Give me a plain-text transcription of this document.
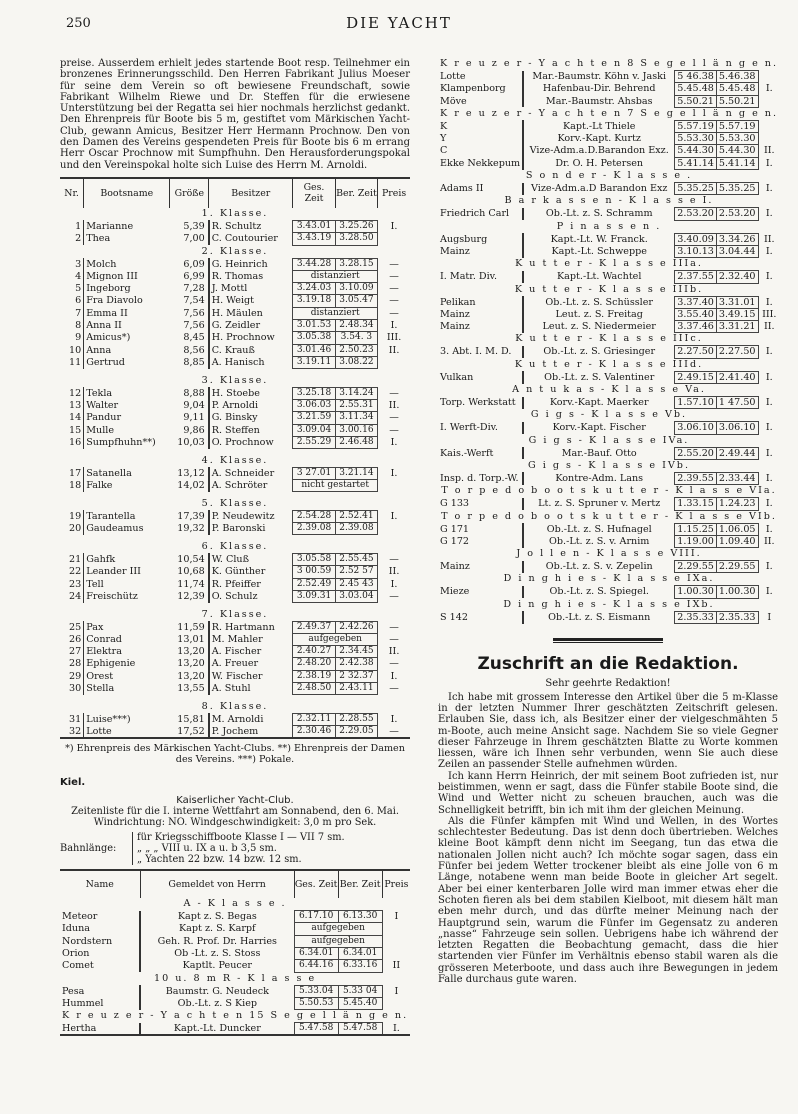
250	DIE YACHT

preise. Ausserdem erhielt jedes startende Boot resp. Teilnehmer ein bronzenes Erinnerungsschild. Den Herren Fabrikant Julius Moeser für seine dem Verein so oft bewiesene Freundschaft, sowie Fabrikant Wilhelm Riewe und Dr. Steffen für die erwiesene Unterstützung bei der Regatta sei hier nochmals herzlichst gedankt. Den Ehrenpreis für Boote bis 5 m, gestiftet vom Märkischen Yacht-Club, gewann Amicus, Besitzer Herr Hermann Prochnow. Den von den Damen des Vereins gespendeten Preis für Boote bis 6 m errang Herr Oscar Prochnow mit Sumpfhuhn. Den Herausforderungspokal und den Vereinspokal holte sich Luise des Herrn M. Arnoldi.

Nr.	Bootsname	Größe	Besitzer	Ges. Zeit	Ber. Zeit	Preis
1. Klasse.						
1	Marianne	5,39	R. Schultz	3.43.01	3.25.26	I.
2	Thea	7,00	C. Coutourier	3.43.19	3.28.50	
2. Klasse.						
3	Molch	6,09	G. Heinrich	3.44.28	3.28.15	—
4	Mignon III	6,99	R. Thomas	distanziert		—
5	Ingeborg	7,28	J. Mottl	3.24.03	3.10.09	—
6	Fra Diavolo	7,54	H. Weigt	3.19.18	3.05.47	—
7	Emma II	7,56	H. Mäulen	distanziert		—
8	Anna II	7,56	G. Zeidler	3.01.53	2.48.34	I.
9	Amicus*)	8,45	H. Prochnow	3.05.38	3.54. 3	III.
10	Anna	8,56	C. Krauß	3.01.46	2.50.23	II.
11	Gertrud	8,85	A. Hanisch	3.19.11	3.08.22	

3. Klasse.						
12	Tekla	8,88	H. Stoebe	3.25.18	3.14.24	—
13	Walter	9,04	P. Arnoldi	3.06.03	2.55.31	II.
14	Pandur	9,11	G. Binsky	3.21.59	3.11.34	—
15	Mulle	9,86	R. Steffen	3.09.04	3.00.16	—
16	Sumpfhuhn**)	10,03	O. Prochnow	2.55.29	2.46.48	I.

4. Klasse.						
17	Satanella	13,12	A. Schneider	3 27.01	3.21.14	I.
18	Falke	14,02	A. Schröter	nicht gestartet		

5. Klasse.						
19	Tarantella	17,39	P. Neudewitz	2.54.28	2.52.41	I.
20	Gaudeamus	19,32	P. Baronski	2.39.08	2.39.08	

6. Klasse.						
21	Gahfk	10,54	W. Cluß	3.05.58	2.55.45	—
22	Leander III	10,68	K. Günther	3 00.59	2.52 57	II.
23	Tell	11,74	R. Pfeiffer	2.52.49	2.45 43	I.
24	Freischütz	12,39	O. Schulz	3.09.31	3.03.04	—

7. Klasse.						
25	Pax	11,59	R. Hartmann	2.49.37	2.42.26	—
26	Conrad	13,01	M. Mahler	aufgegeben		—
27	Elektra	13,20	A. Fischer	2.40.27	2.34.45	II.
28	Ephigenie	13,20	A. Freuer	2.48.20	2.42.38	—
29	Orest	13,20	W. Fischer	2.38.19	2 32.37	I.
30	Stella	13,55	A. Stuhl	2.48.50	2.43.11	—

8. Klasse.						
31	Luise***)	15,81	M. Arnoldi	2.32.11	2.28.55	I.
32	Lotte	17,52	P. Jochem	2.30.46	2.29.05	—
*) Ehrenpreis des Märkischen Yacht-Clubs. **) Ehrenpreis der Damen des Vereins. ***) Pokale.
Kiel.
Kaiserlicher Yacht-Club.
Zeitenliste für die I. interne Wettfahrt am Sonnabend, den 6. Mai.
Windrichtung: NO. Windgeschwindigkeit: 3,0 m pro Sek.
Bahnlänge:
für Kriegsschiffboote Klasse I — VII 7 sm.
„ „ „ VIII u. IX a u. b 3,5 sm.
„ Yachten 22 bzw. 14 bzw. 12 sm.
Name	Gemeldet von Herrn	Ges. Zeit	Ber. Zeit	Preis
A - K l a s s e .				
Meteor	Kapt z. S. Begas	6.17.10	6.13.30	I
Iduna	Kapt z. S. Karpf	aufgegeben		
Nordstern	Geh. R. Prof. Dr. Harries	aufgegeben		
Orion	Ob -Lt. z. S. Stoss	6.34.01	6.34.01	
Comet	Kaptlt. Peucer	6.44.16	6.33.16	II
10 u. 8 m R - K l a s s e				
Pesa	Baumstr. G. Neudeck	5.33.04	5.33 04	I
Hummel	Ob.-Lt. z. S Kiep	5.50.53	5.45.40	
K r e u z e r - Y a c h t e n 15 S e g e l l ä n g e n.				
Hertha	Kapt.-Lt. Duncker	5.47.58	5.47.58	I.
K r e u z e r - Y a c h t e n 8 S e g e l l ä n g e n.				
Lotte	Mar.-Baumstr. Köhn v. Jaski	5 46.38	5.46.38	
Klampenborg	Hafenbau-Dir. Behrend	5.45.48	5.45.48	I.
Möve	Mar.-Baumstr. Ahsbas	5.50.21	5.50.21	
K r e u z e r - Y a c h t e n 7 S e g e l l ä n g e n.				
K	Kapt.-Lt Thiele	5.57.19	5.57.19	
Y	Korv.-Kapt. Kurtz	5.53.30	5.53.30	
C	Vize-Adm.a.D.Barandon Exz.	5.44.30	5.44.30	II.
Ekke Nekkepum	Dr. O. H. Petersen	5.41.14	5.41.14	I.
S o n d e r - K l a s s e .				
Adams II	Vize-Adm.a.D Barandon Exz	5.35.25	5.35.25	I.
B a r k a s s e n - K l a s s e I.				
Friedrich Carl	Ob.-Lt. z. S. Schramm	2.53.20	2.53.20	I.
P i n a s s e n .				
Augsburg	Kapt.-Lt. W. Franck.	3.40.09	3.34.26	II.
Mainz	Kapt.-Lt. Schweppe	3.10.13	3.04.44	I.
K u t t e r - K l a s s e IIIa.				
I. Matr. Div.	Kapt.-Lt. Wachtel	2.37.55	2.32.40	I.
K u t t e r - K l a s s e IIIb.				
Pelikan	Ob.-Lt. z. S. Schüssler	3.37.40	3.31.01	I.
Mainz	Leut. z. S. Freitag	3.55.40	3.49.15	III.
Mainz	Leut. z. S. Niedermeier	3.37.46	3.31.21	II.
K u t t e r - K l a s s e IIIc.				
3. Abt. I. M. D.	Ob.-Lt. z. S. Griesinger	2.27.50	2.27.50	I.
K u t t e r - K l a s s e IIId.				
Vulkan	Ob.-Lt. z. S. Valentiner	2.49.15	2.41.40	I.
A n t u k a s - K l a s s e Va.				
Torp. Werkstatt	Korv.-Kapt. Maerker	1.57.10	1 47.50	I.
G i g s - K l a s s e Vb.				
I. Werft-Div.	Korv.-Kapt. Fischer	3.06.10	3.06.10	I.
G i g s - K l a s s e IVa.				
Kais.-Werft	Mar.-Bauf. Otto	2.55.20	2.49.44	I.
G i g s - K l a s s e IVb.				
Insp. d. Torp.-W.	Kontre-Adm. Lans	2.39.55	2.33.44	I.
T o r p e d o b o o t s k u t t e r - K l a s s e VIa.				
G 133	Lt. z. S. Spruner v. Mertz	1.33.15	1.24.23	I.
T o r p e d o b o o t s k u t t e r - K l a s s e VIb.				
G 171	Ob.-Lt. z. S. Hufnagel	1.15.25	1.06.05	I.
G 172	Ob.-Lt. z. S. v. Arnim	1.19.00	1.09.40	II.
J o l l e n - K l a s s e VIII.				
Mainz	Ob.-Lt. z. S. v. Zepelin	2.29.55	2.29.55	I.
D i n g h i e s - K l a s s e IXa.				
Mieze	Ob.-Lt. z. S. Spiegel.	1.00.30	1.00.30	I.
D i n g h i e s - K l a s s e IXb.				
S 142	Ob.-Lt. z. S. Eismann	2.35.33	2.35.33	I
Zuschrift an die Redaktion.
Sehr geehrte Redaktion!

Ich habe mit grossem Interesse den Artikel über die 5 m-Klasse in der letzten Nummer Ihrer geschätzten Zeitschrift gelesen. Erlauben Sie, dass ich, als Besitzer einer der vielgeschmähten 5 m-Boote, auch meine Ansicht sage. Nachdem Sie so viele Gegner dieser Fahrzeuge in Ihrem geschätzten Blatte zu Worte kommen liessen, wäre ich Ihnen sehr verbunden, wenn Sie auch diese Zeilen an passender Stelle aufnehmen würden.

Ich kann Herrn Heinrich, der mit seinem Boot zufrieden ist, nur beistimmen, wenn er sagt, dass die Fünfer stabile Boote sind, die Wind und Wetter nicht zu scheuen brauchen, auch was die Schnelligkeit betrifft, bin ich mit ihm der gleichen Meinung.

Als die Fünfer kämpfen mit Wind und Wellen, in des Wortes schlechtester Bedeutung. Das ist denn doch übertrieben. Welches kleine Boot kämpft denn nicht im Seegang, tun das etwa die nationalen Jollen nicht auch? Ich möchte sogar sagen, dass ein Fünfer bei jedem Wetter trockener bleibt als eine Jolle von 6 m Länge, notabene wenn man beide Boote in gleicher Art segelt. Aber bei einer kenterbaren Jolle wird man immer etwas eher die Schoten fieren als bei dem stabilen Kielboot, mit diesem hält man eben mehr durch, und das dürfte meiner Meinung nach der Hauptgrund sein, warum die Fünfer im Gegensatz zu anderen „nasse“ Fahrzeuge sein sollen. Uebrigens habe ich während der letzten Regatten die Beobachtung gemacht, dass die hier startenden vier Fünfer im Verhältnis ebenso stabil waren als die grösseren Meterboote, und dass auch ihre Bewegungen in jedem Falle durchaus gute waren.
